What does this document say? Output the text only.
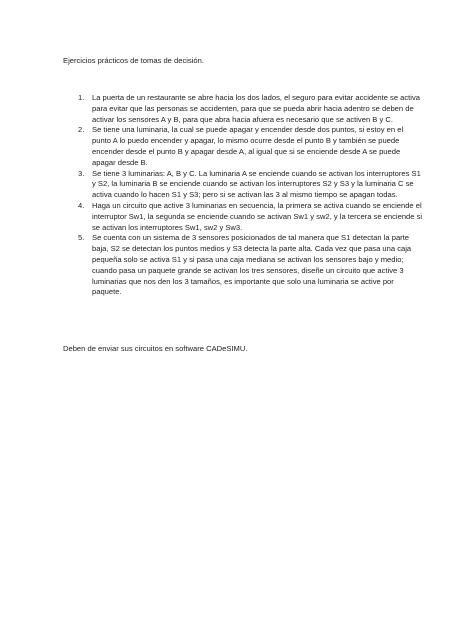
Ejercicios prácticos de tomas de decisión.
1. La puerta de un restaurante se abre hacia los dos lados, el seguro para evitar accidente se activa para evitar que las personas se accidenten, para que se pueda abrir hacia adentro se deben de activar los sensores A y B, para que abra hacia afuera es necesario que se activen B y C.
2. Se tiene una luminaria, la cual se puede apagar y encender desde dos puntos, si estoy en el punto A lo puedo encender y apagar, lo mismo ocurre desde el punto B y también se puede encender desde el punto B y apagar desde A, al igual que si se enciende desde A se puede apagar desde B.
3. Se tiene 3 luminarias: A, B y C. La luminaria A se enciende cuando se activan los interruptores S1 y S2, la luminaria B se enciende cuando se activan los interruptores S2 y S3 y la luminaria C se activa cuando lo hacen S1 y S3; pero si se activan las 3 al mismo tiempo se apagan todas.
4. Haga un circuito que active 3 luminarias en secuencia, la primera se activa cuando se enciende el interruptor Sw1, la segunda se enciende cuando se activan Sw1 y sw2, y la tercera se enciende si se activan los interruptores Sw1, sw2 y Sw3.
5. Se cuenta con un sistema de 3 sensores posicionados de tal manera que S1 detectan la parte baja, S2 se detectan los puntos medios y S3 detecta la parte alta. Cada vez que pasa una caja pequeña solo se activa S1 y si pasa una caja mediana se activan los sensores bajo y medio; cuando pasa un paquete grande se activan los tres sensores, diseñe un circuito que active 3 luminarias que nos den los 3 tamaños, es importante que solo una luminaria se active por paquete.
Deben de enviar sus circuitos en software CADeSIMU.
